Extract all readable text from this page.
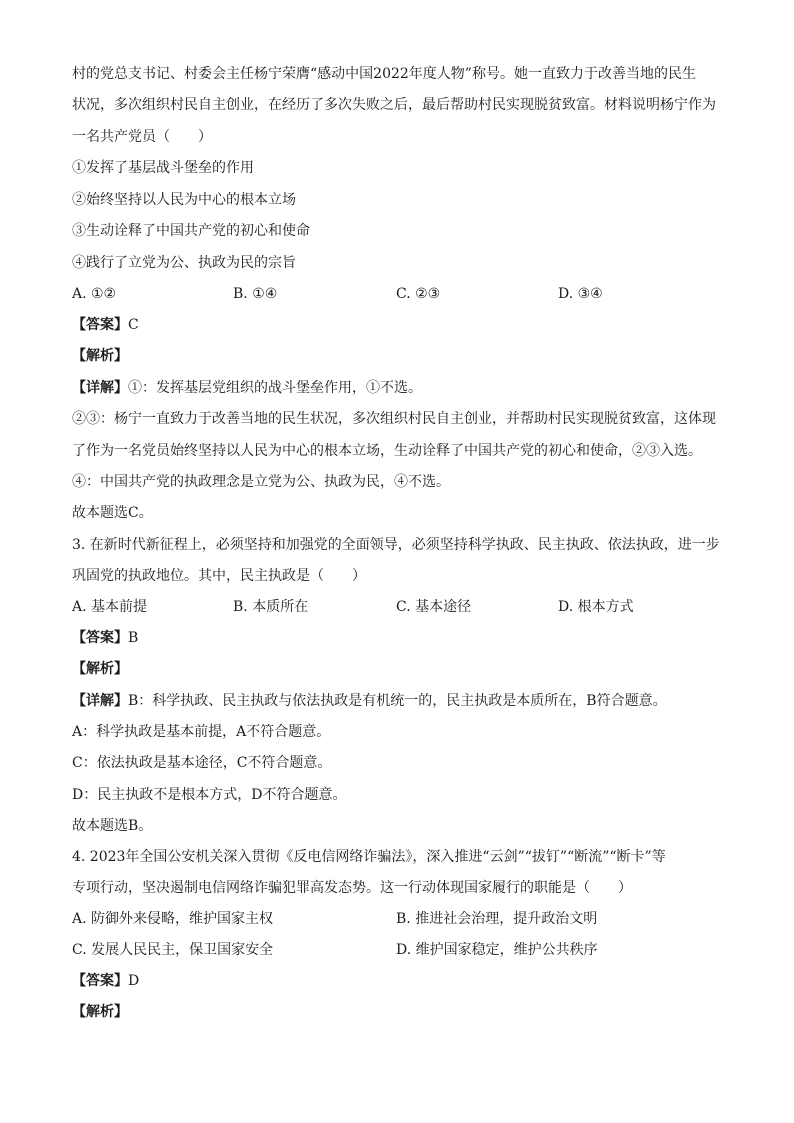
村的党总支书记、村委会主任杨宁荣膺“感动中国2022年度人物”称号。她一直致力于改善当地的民生
状况，多次组织村民自主创业，在经历了多次失败之后，最后帮助村民实现脱贫致富。材料说明杨宁作为
一名共产党员（　　）
①发挥了基层战斗堡垒的作用
②始终坚持以人民为中心的根本立场
③生动诠释了中国共产党的初心和使命
④践行了立党为公、执政为民的宗旨
A. ①②	B. ①④	C. ②③	D. ③④
【答案】C
【解析】
【详解】①：发挥基层党组织的战斗堡垒作用，①不选。
②③：杨宁一直致力于改善当地的民生状况，多次组织村民自主创业，并帮助村民实现脱贫致富，这体现
了作为一名党员始终坚持以人民为中心的根本立场，生动诠释了中国共产党的初心和使命，②③入选。
④：中国共产党的执政理念是立党为公、执政为民，④不选。
故本题选C。
3. 在新时代新征程上，必须坚持和加强党的全面领导，必须坚持科学执政、民主执政、依法执政，进一步
巩固党的执政地位。其中，民主执政是（　　）
A. 基本前提	B. 本质所在	C. 基本途径	D. 根本方式
【答案】B
【解析】
【详解】B：科学执政、民主执政与依法执政是有机统一的，民主执政是本质所在，B符合题意。
A：科学执政是基本前提，A不符合题意。
C：依法执政是基本途径，C不符合题意。
D：民主执政不是根本方式，D不符合题意。
故本题选B。
4. 2023年全国公安机关深入贯彻《反电信网络诈骗法》，深入推进“云剑”“拔钉”“断流”“断卡”等
专项行动，坚决遏制电信网络诈骗犯罪高发态势。这一行动体现国家履行的职能是（　　）
A. 防御外来侵略，维护国家主权	B. 推进社会治理，提升政治文明
C. 发展人民民主，保卫国家安全	D. 维护国家稳定，维护公共秩序
【答案】D
【解析】
